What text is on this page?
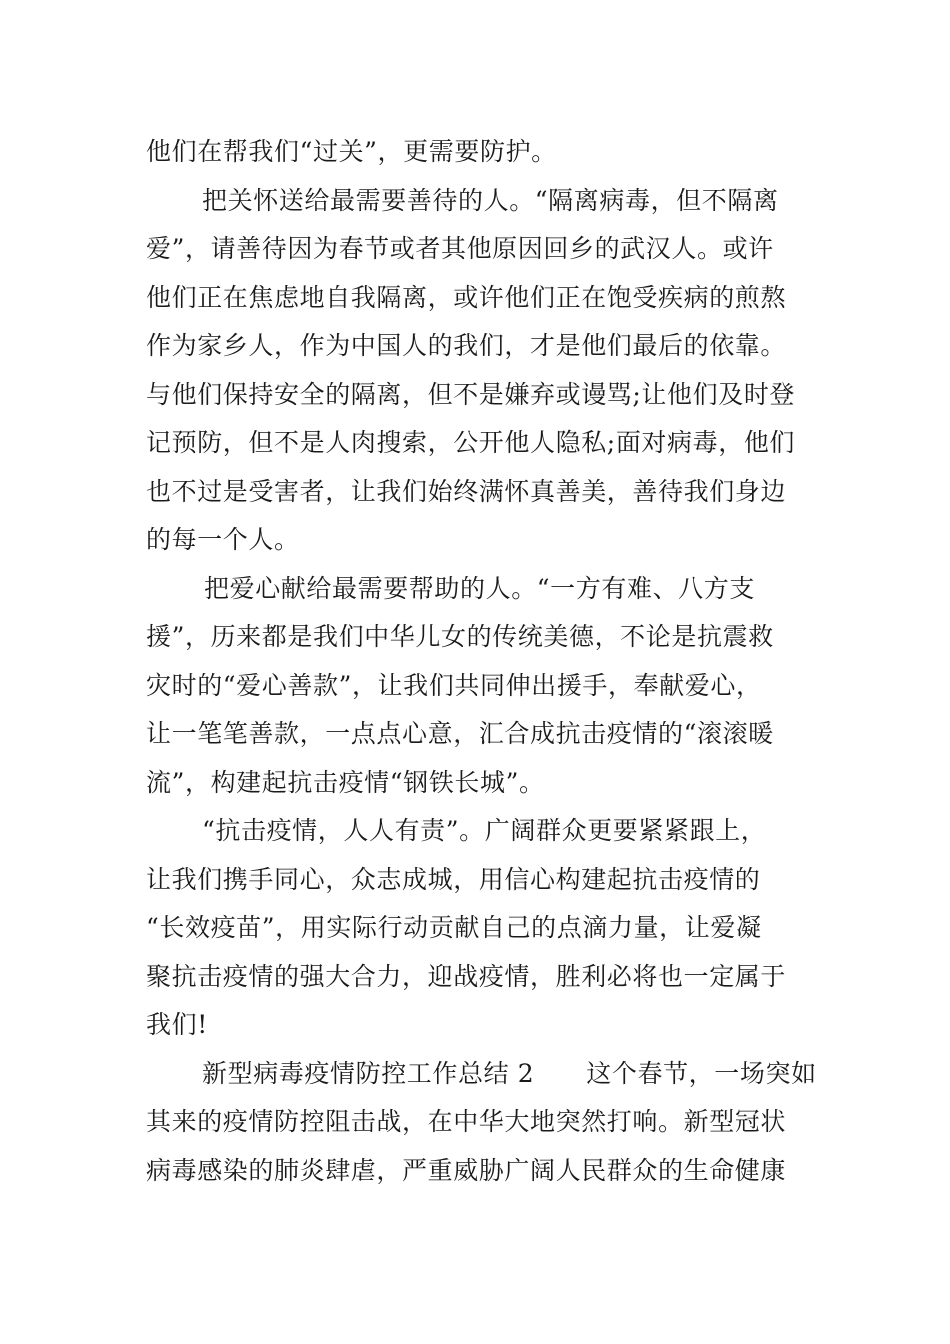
他们在帮我们“过关”，更需要防护。
把关怀送给最需要善待的人。“隔离病毒，但不隔离
爱”，请善待因为春节或者其他原因回乡的武汉人。或许
他们正在焦虑地自我隔离，或许他们正在饱受疾病的煎熬
作为家乡人，作为中国人的我们，才是他们最后的依靠。
与他们保持安全的隔离，但不是嫌弃或谩骂;让他们及时登
记预防，但不是人肉搜索，公开他人隐私;面对病毒，他们
也不过是受害者，让我们始终满怀真善美，善待我们身边
的每一个人。
把爱心献给最需要帮助的人。“一方有难、八方支
援”，历来都是我们中华儿女的传统美德，不论是抗震救
灾时的“爱心善款”，让我们共同伸出援手，奉献爱心，
让一笔笔善款，一点点心意，汇合成抗击疫情的“滚滚暖
流”，构建起抗击疫情“钢铁长城”。
“抗击疫情，人人有责”。广阔群众更要紧紧跟上，
让我们携手同心，众志成城，用信心构建起抗击疫情的
“长效疫苗”，用实际行动贡献自己的点滴力量，让爱凝
聚抗击疫情的强大合力，迎战疫情，胜利必将也一定属于
我们!
新型病毒疫情防控工作总结 2 这个春节，一场突如
其来的疫情防控阻击战，在中华大地突然打响。新型冠状
病毒感染的肺炎肆虐，严重威胁广阔人民群众的生命健康
